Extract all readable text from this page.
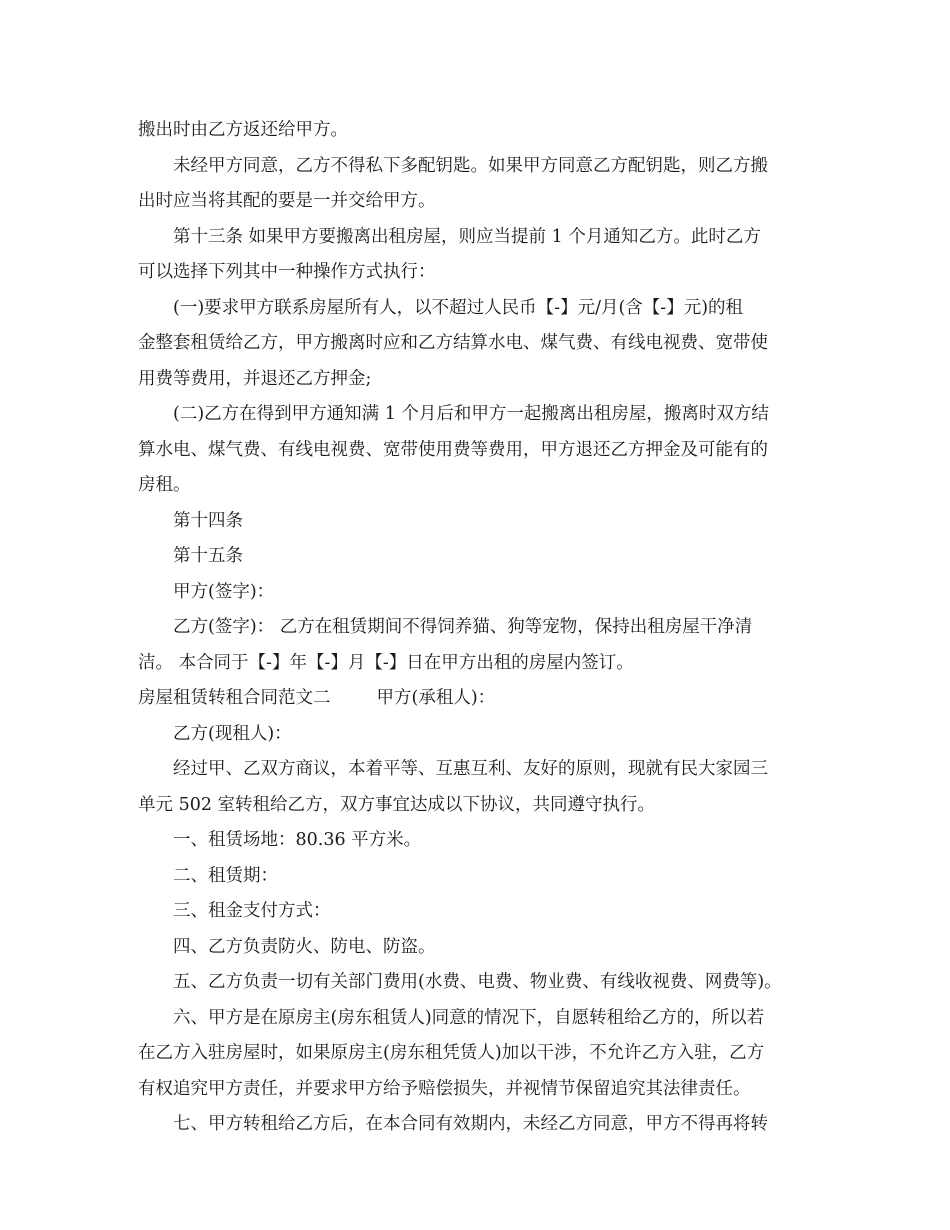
搬出时由乙方返还给甲方。
未经甲方同意，乙方不得私下多配钥匙。如果甲方同意乙方配钥匙，则乙方搬
出时应当将其配的要是一并交给甲方。
第十三条 如果甲方要搬离出租房屋，则应当提前 1 个月通知乙方。此时乙方
可以选择下列其中一种操作方式执行：
(一)要求甲方联系房屋所有人，以不超过人民币【-】元/月(含【-】元)的租
金整套租赁给乙方，甲方搬离时应和乙方结算水电、煤气费、有线电视费、宽带使
用费等费用，并退还乙方押金;
(二)乙方在得到甲方通知满 1 个月后和甲方一起搬离出租房屋，搬离时双方结
算水电、煤气费、有线电视费、宽带使用费等费用，甲方退还乙方押金及可能有的
房租。
第十四条
第十五条
甲方(签字)：
乙方(签字)： 乙方在租赁期间不得饲养猫、狗等宠物，保持出租房屋干净清
洁。 本合同于【-】年【-】月【-】日在甲方出租的房屋内签订。
房屋租赁转租合同范文二	甲方(承租人)：
乙方(现租人)：
经过甲、乙双方商议，本着平等、互惠互利、友好的原则，现就有民大家园三
单元 502 室转租给乙方，双方事宜达成以下协议，共同遵守执行。
一、租赁场地：80.36 平方米。
二、租赁期：
三、租金支付方式：
四、乙方负责防火、防电、防盗。
五、乙方负责一切有关部门费用(水费、电费、物业费、有线收视费、网费等)。
六、甲方是在原房主(房东租赁人)同意的情况下，自愿转租给乙方的，所以若
在乙方入驻房屋时，如果原房主(房东租凭赁人)加以干涉，不允许乙方入驻，乙方
有权追究甲方责任，并要求甲方给予赔偿损失，并视情节保留追究其法律责任。
七、甲方转租给乙方后，在本合同有效期内，未经乙方同意，甲方不得再将转
